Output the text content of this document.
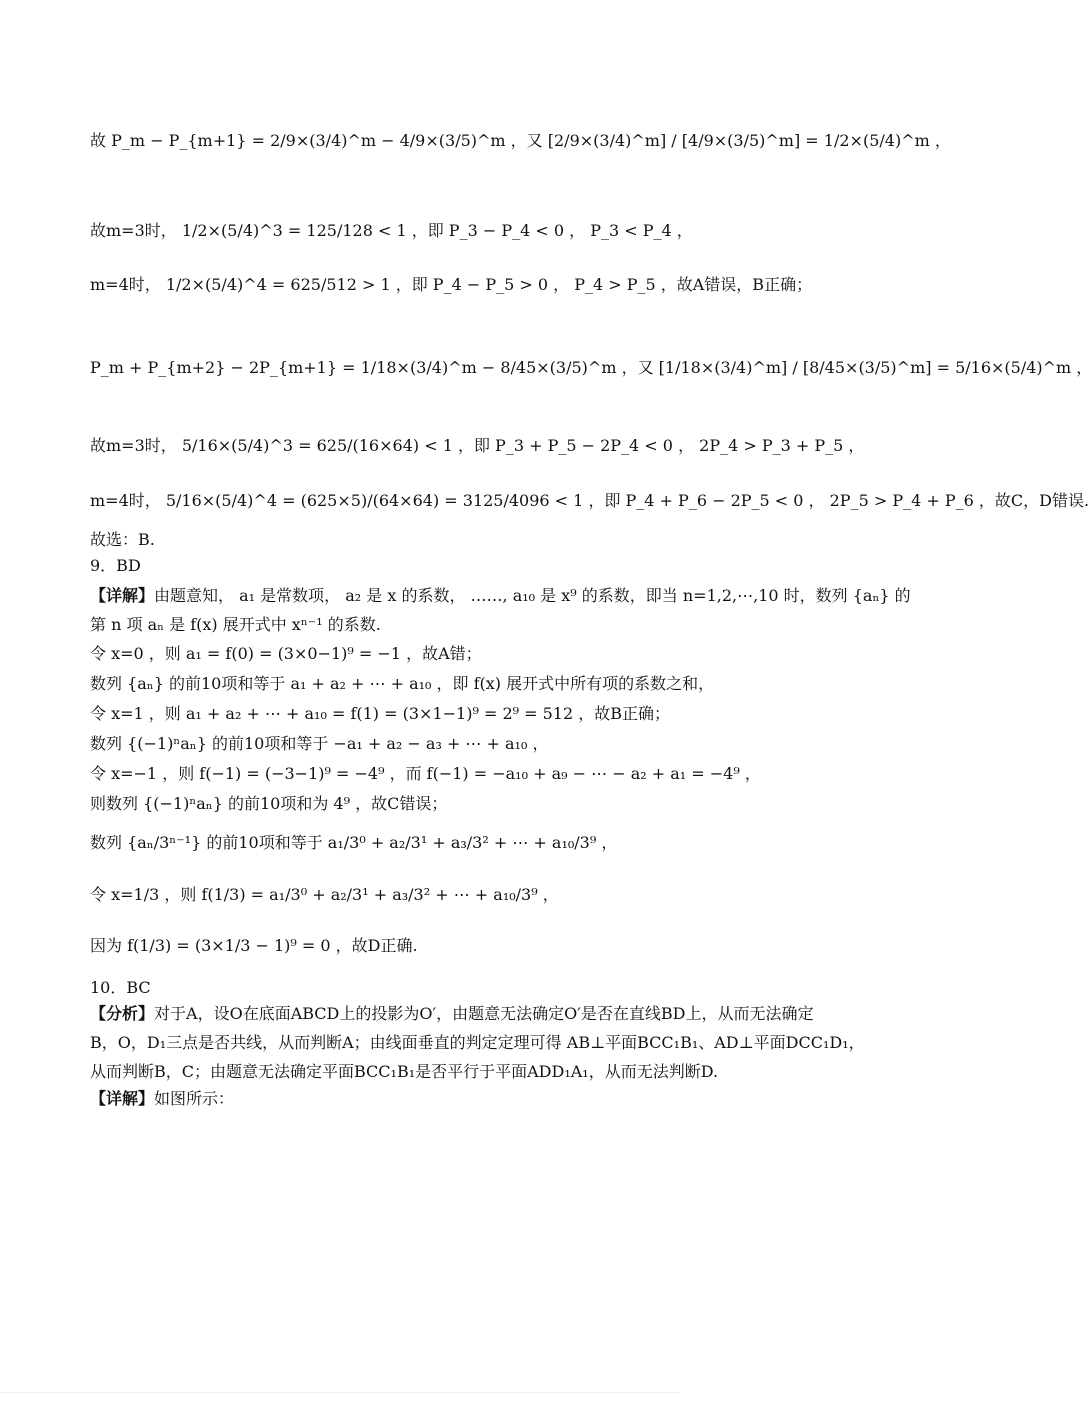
故 P_m − P_{m+1} = 2/9×(3/4)^m − 4/9×(3/5)^m ，又 [2/9×(3/4)^m] / [4/9×(3/5)^m] = 1/2×(5/4)^m ，
故m=3时， 1/2×(5/4)^3 = 125/128 < 1 ，即 P_3 − P_4 < 0 ， P_3 < P_4 ，
m=4时， 1/2×(5/4)^4 = 625/512 > 1 ，即 P_4 − P_5 > 0 ， P_4 > P_5 ，故A错误，B正确；
P_m + P_{m+2} − 2P_{m+1} = 1/18×(3/4)^m − 8/45×(3/5)^m ，又 [1/18×(3/4)^m] / [8/45×(3/5)^m] = 5/16×(5/4)^m ，
故m=3时， 5/16×(5/4)^3 = 625/(16×64) < 1 ，即 P_3 + P_5 − 2P_4 < 0 ， 2P_4 > P_3 + P_5 ，
m=4时， 5/16×(5/4)^4 = (625×5)/(64×64) = 3125/4096 < 1 ，即 P_4 + P_6 − 2P_5 < 0 ， 2P_5 > P_4 + P_6 ，故C，D错误.
故选：B.
9．BD
【详解】 由题意知， a₁ 是常数项， a₂ 是 x 的系数， ……, a₁₀ 是 x⁹ 的系数，即当 n=1,2,⋯,10 时，数列 {aₙ} 的
第 n 项 aₙ 是 f(x) 展开式中 xⁿ⁻¹ 的系数.
令 x=0 ，则 a₁ = f(0) = (3×0−1)⁹ = −1 ，故A错；
数列 {aₙ} 的前10项和等于 a₁ + a₂ + ⋯ + a₁₀ ，即 f(x) 展开式中所有项的系数之和，
令 x=1 ，则 a₁ + a₂ + ⋯ + a₁₀ = f(1) = (3×1−1)⁹ = 2⁹ = 512 ，故B正确；
数列 {(−1)ⁿaₙ} 的前10项和等于 −a₁ + a₂ − a₃ + ⋯ + a₁₀ ，
令 x=−1 ，则 f(−1) = (−3−1)⁹ = −4⁹ ，而 f(−1) = −a₁₀ + a₉ − ⋯ − a₂ + a₁ = −4⁹ ，
则数列 {(−1)ⁿaₙ} 的前10项和为 4⁹ ，故C错误；
数列 {aₙ/3ⁿ⁻¹} 的前10项和等于 a₁/3⁰ + a₂/3¹ + a₃/3² + ⋯ + a₁₀/3⁹ ，
令 x=1/3 ，则 f(1/3) = a₁/3⁰ + a₂/3¹ + a₃/3² + ⋯ + a₁₀/3⁹ ，
因为 f(1/3) = (3×1/3 − 1)⁹ = 0 ，故D正确.
10．BC
【分析】 对于A，设O在底面ABCD上的投影为O′，由题意无法确定O′是否在直线BD上，从而无法确定
B，O，D₁三点是否共线，从而判断A；由线面垂直的判定定理可得 AB⊥平面BCC₁B₁、AD⊥平面DCC₁D₁，
从而判断B，C；由题意无法确定平面BCC₁B₁是否平行于平面ADD₁A₁，从而无法判断D.
【详解】 如图所示：
